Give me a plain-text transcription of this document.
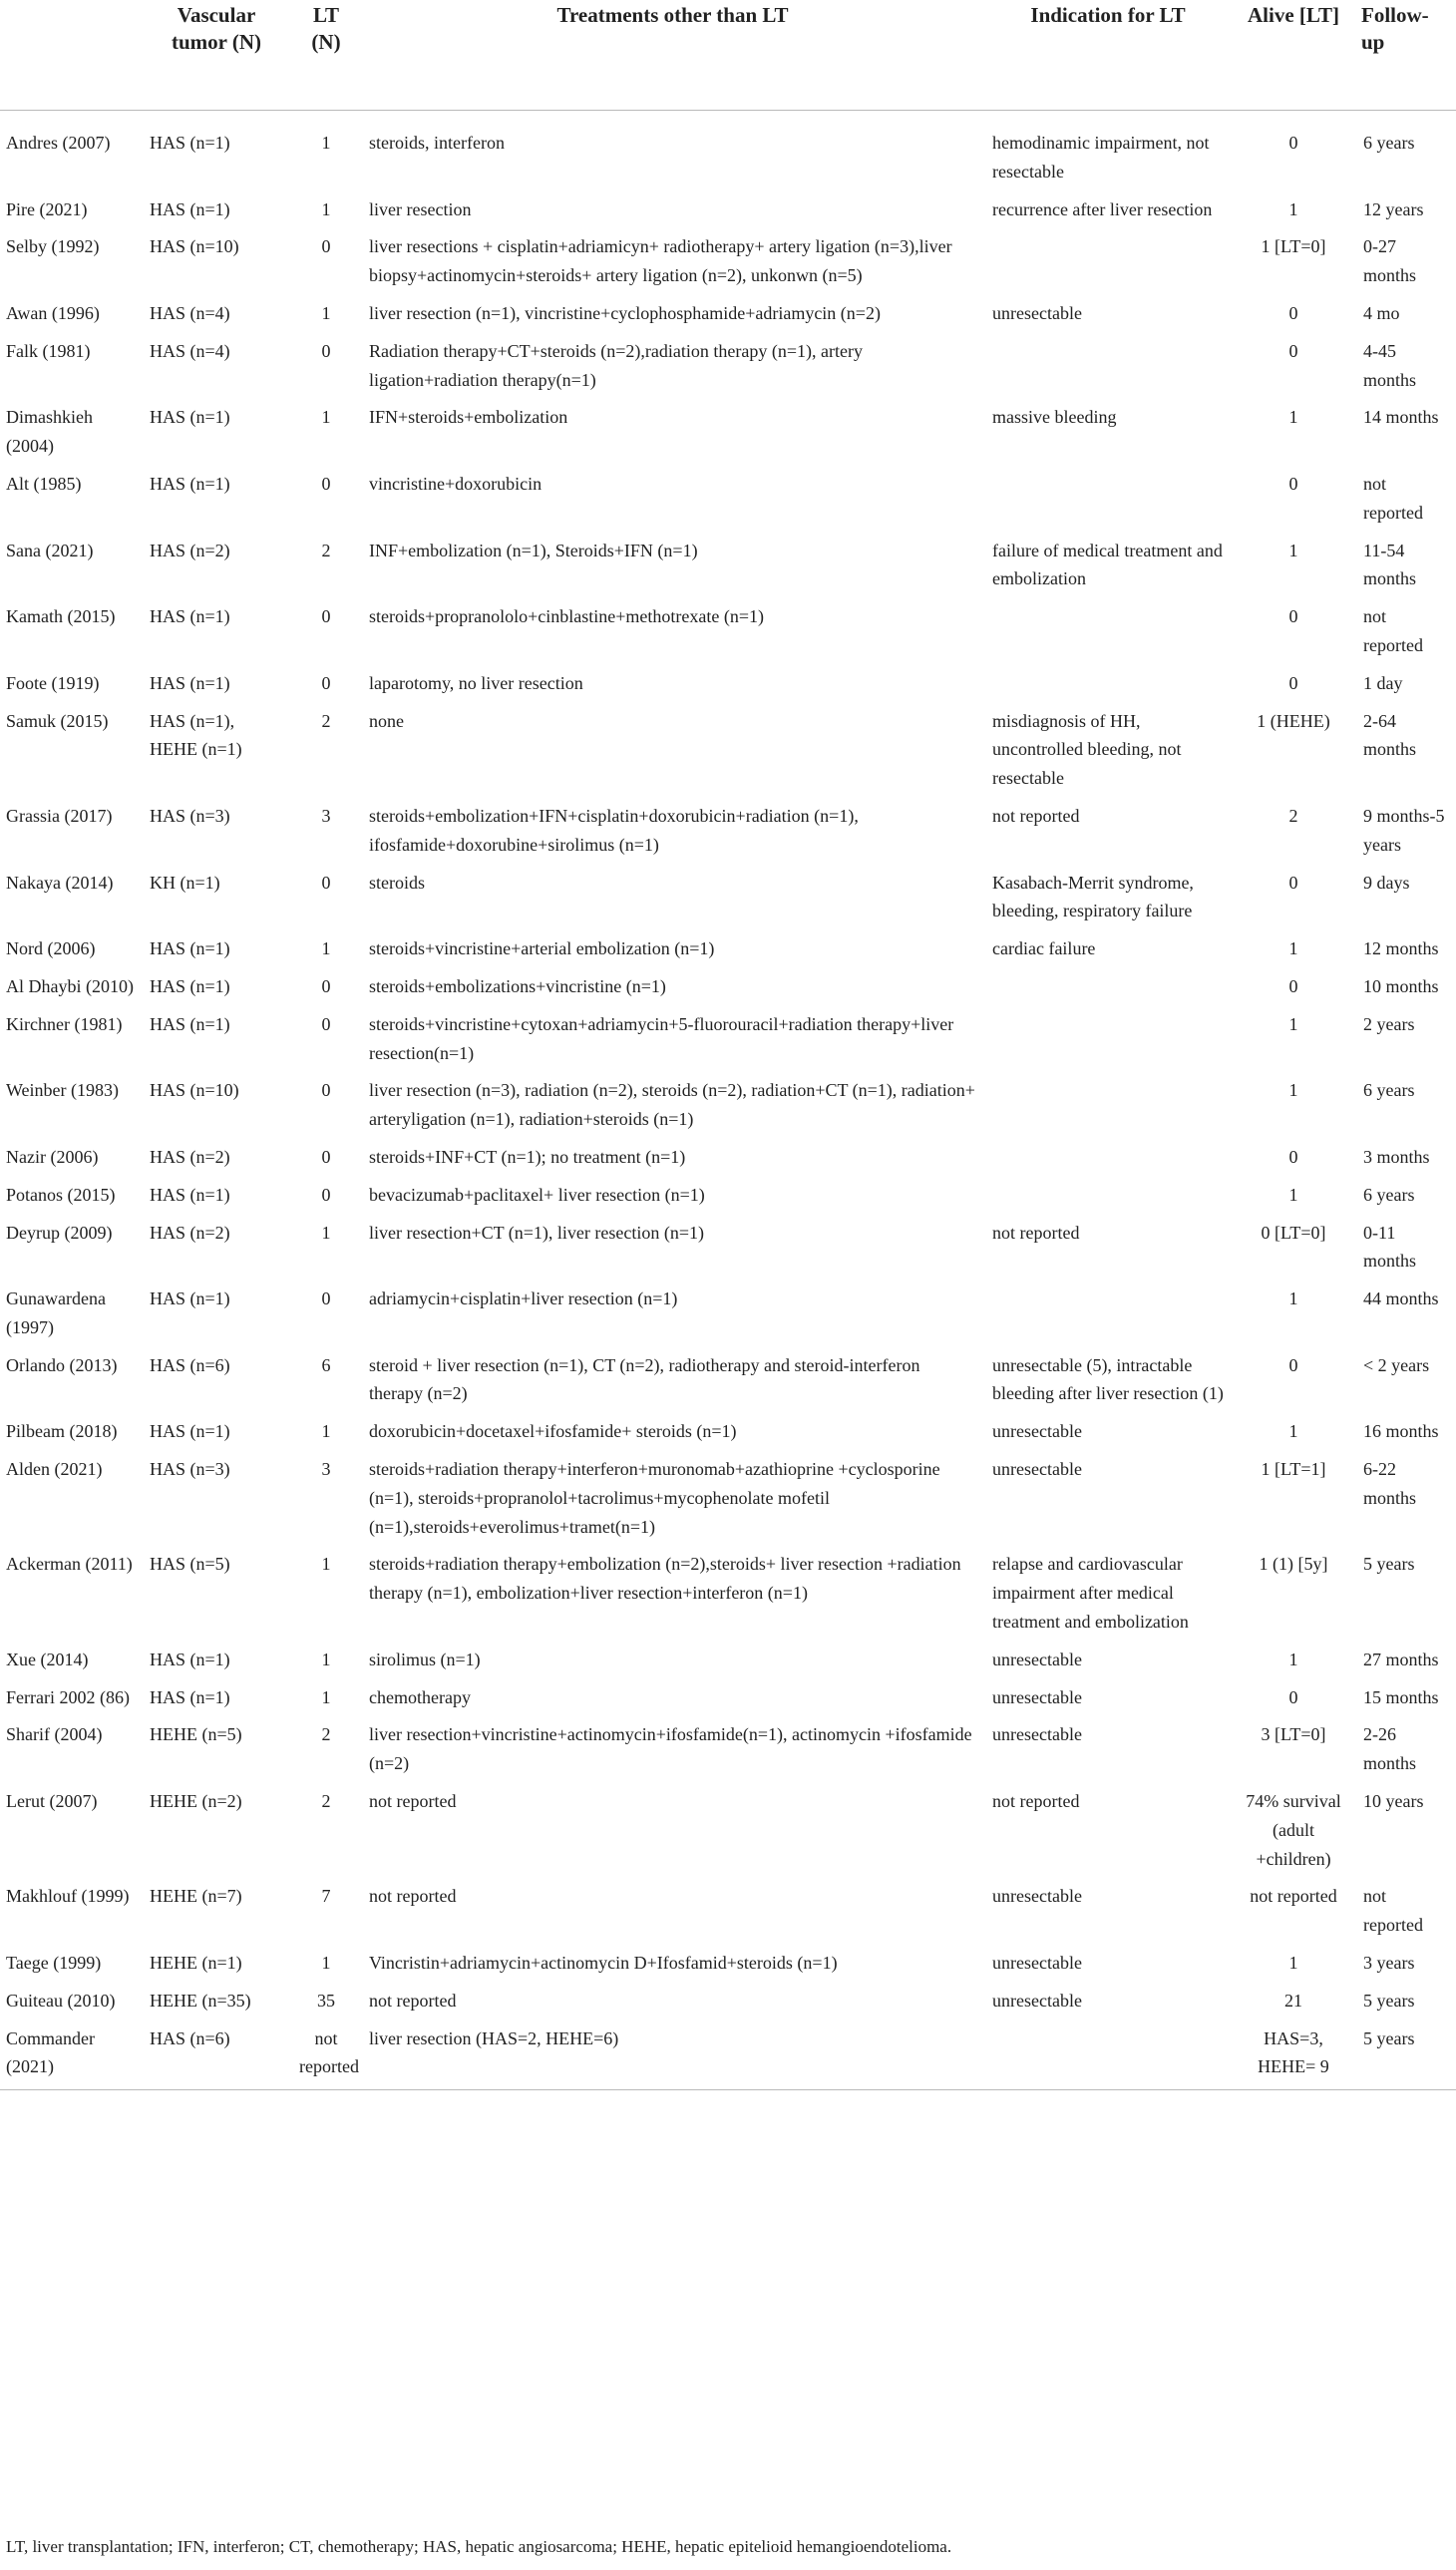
	Vascular tumor (N)	LT (N)	Treatments other than LT	Indication for LT	Alive [LT]	Follow-up
Andres (2007)	HAS (n=1)	1	steroids, interferon	hemodinamic impairment, not resectable	0	6 years
Pire (2021)	HAS (n=1)	1	liver resection	recurrence after liver resection	1	12 years
Selby (1992)	HAS (n=10)	0	liver resections + cisplatin+adriamicyn+ radiotherapy+ artery ligation (n=3),liver biopsy+actinomycin+steroids+ artery ligation (n=2), unkonwn (n=5)		1 [LT=0]	0-27 months
Awan (1996)	HAS (n=4)	1	liver resection (n=1), vincristine+cyclophosphamide+adriamycin (n=2)	unresectable	0	4 mo
Falk (1981)	HAS (n=4)	0	Radiation therapy+CT+steroids (n=2),radiation therapy (n=1), artery ligation+radiation therapy(n=1)		0	4-45 months
Dimashkieh (2004)	HAS (n=1)	1	IFN+steroids+embolization	massive bleeding	1	14 months
Alt (1985)	HAS (n=1)	0	vincristine+doxorubicin		0	not reported
Sana (2021)	HAS (n=2)	2	INF+embolization (n=1), Steroids+IFN (n=1)	failure of medical treatment and embolization	1	11-54 months
Kamath (2015)	HAS (n=1)	0	steroids+propranololo+cinblastine+methotrexate (n=1)		0	not reported
Foote (1919)	HAS (n=1)	0	laparotomy, no liver resection		0	1 day
Samuk (2015)	HAS (n=1), HEHE (n=1)	2	none	misdiagnosis of HH, uncontrolled bleeding, not resectable	1 (HEHE)	2-64 months
Grassia (2017)	HAS (n=3)	3	steroids+embolization+IFN+cisplatin+doxorubicin+radiation (n=1), ifosfamide+doxorubine+sirolimus (n=1)	not reported	2	9 months-5 years
Nakaya (2014)	KH (n=1)	0	steroids	Kasabach-Merrit syndrome, bleeding, respiratory failure	0	9 days
Nord (2006)	HAS (n=1)	1	steroids+vincristine+arterial embolization (n=1)	cardiac failure	1	12 months
Al Dhaybi (2010)	HAS (n=1)	0	steroids+embolizations+vincristine (n=1)		0	10 months
Kirchner (1981)	HAS (n=1)	0	steroids+vincristine+cytoxan+adriamycin+5-fluorouracil+radiation therapy+liver resection(n=1)		1	2 years
Weinber (1983)	HAS (n=10)	0	liver resection (n=3), radiation (n=2), steroids (n=2), radiation+CT (n=1), radiation+ arteryligation (n=1), radiation+steroids (n=1)		1	6 years
Nazir (2006)	HAS (n=2)	0	steroids+INF+CT (n=1); no treatment (n=1)		0	3 months
Potanos (2015)	HAS (n=1)	0	bevacizumab+paclitaxel+ liver resection (n=1)		1	6 years
Deyrup (2009)	HAS (n=2)	1	liver resection+CT (n=1), liver resection (n=1)	not reported	0 [LT=0]	0-11 months
Gunawardena (1997)	HAS (n=1)	0	adriamycin+cisplatin+liver resection (n=1)		1	44 months
Orlando (2013)	HAS (n=6)	6	steroid + liver resection (n=1), CT (n=2), radiotherapy and steroid-interferon therapy (n=2)	unresectable (5), intractable bleeding after liver resection (1)	0	< 2 years
Pilbeam (2018)	HAS (n=1)	1	doxorubicin+docetaxel+ifosfamide+ steroids (n=1)	unresectable	1	16 months
Alden (2021)	HAS (n=3)	3	steroids+radiation therapy+interferon+muronomab+azathioprine +cyclosporine (n=1), steroids+propranolol+tacrolimus+mycophenolate mofetil (n=1),steroids+everolimus+tramet(n=1)	unresectable	1 [LT=1]	6-22 months
Ackerman (2011)	HAS (n=5)	1	steroids+radiation therapy+embolization (n=2),steroids+ liver resection +radiation therapy (n=1), embolization+liver resection+interferon (n=1)	relapse and cardiovascular impairment after medical treatment and embolization	1 (1) [5y]	5 years
Xue (2014)	HAS (n=1)	1	sirolimus (n=1)	unresectable	1	27 months
Ferrari 2002 (86)	HAS (n=1)	1	chemotherapy	unresectable	0	15 months
Sharif (2004)	HEHE (n=5)	2	liver resection+vincristine+actinomycin+ifosfamide(n=1), actinomycin +ifosfamide (n=2)	unresectable	3 [LT=0]	2-26 months
Lerut (2007)	HEHE (n=2)	2	not reported	not reported	74% survival (adult +children)	10 years
Makhlouf (1999)	HEHE (n=7)	7	not reported	unresectable	not reported	not reported
Taege (1999)	HEHE (n=1)	1	Vincristin+adriamycin+actinomycin D+Ifosfamid+steroids (n=1)	unresectable	1	3 years
Guiteau (2010)	HEHE (n=35)	35	not reported	unresectable	21	5 years
Commander (2021)	HAS (n=6)	not reported	liver resection (HAS=2, HEHE=6)		HAS=3, HEHE= 9	5 years
LT, liver transplantation; IFN, interferon; CT, chemotherapy; HAS, hepatic angiosarcoma; HEHE, hepatic epitelioid hemangioendotelioma.
